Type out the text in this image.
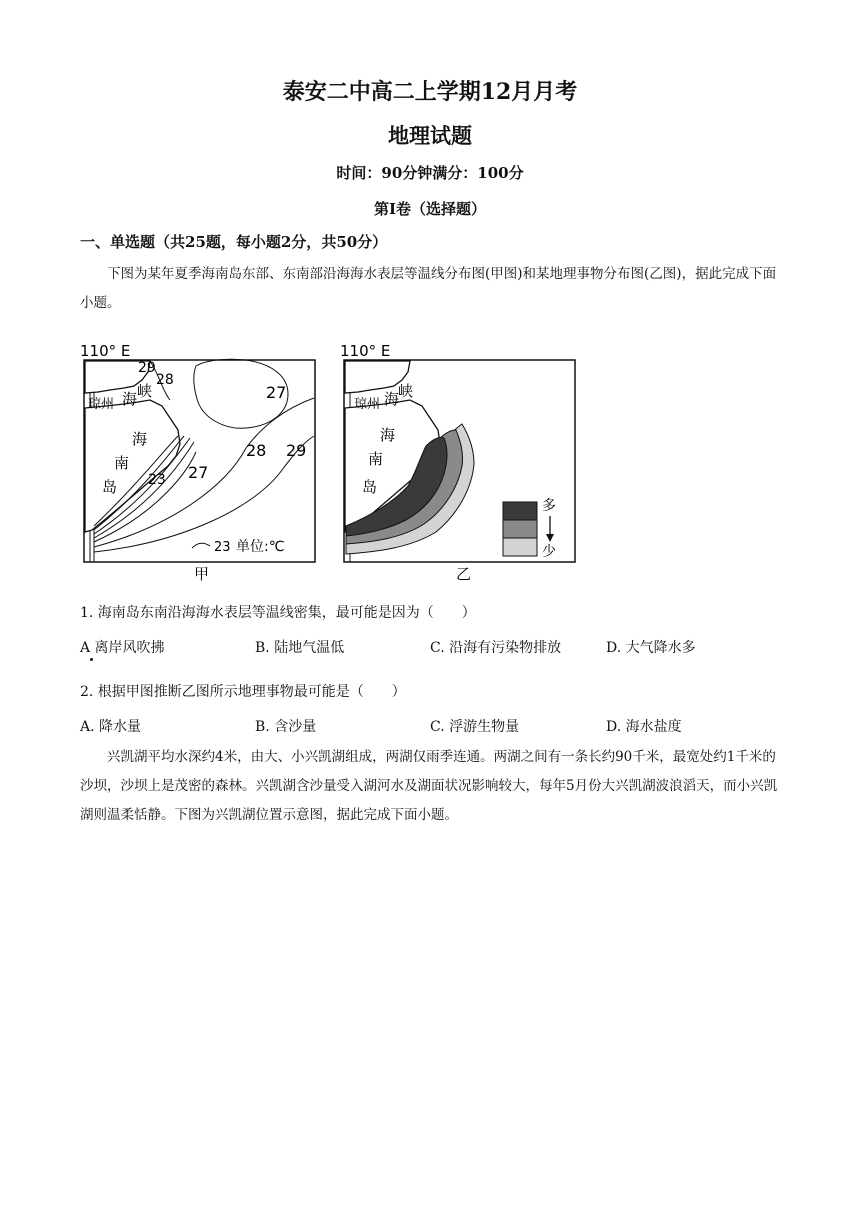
泰安二中高二上学期12月月考
地理试题
时间：90分钟满分：100分
第I卷（选择题）
一、单选题（共25题，每小题2分，共50分）
下图为某年夏季海南岛东部、东南部沿海海水表层等温线分布图(甲图)和某地理事物分布图(乙图)，据此完成下面小题。
110° E
29
28
27
28 29
27
23
峡
海
琼州
海
南
岛
23 单位:℃
甲
110° E
峡
海
琼州
海
南
岛
多
少
乙
1. 海南岛东南沿海海水表层等温线密集，最可能是因为（　　）
A 离岸风吹拂	B. 陆地气温低	C. 沿海有污染物排放	D. 大气降水多
2. 根据甲图推断乙图所示地理事物最可能是（　　）
A. 降水量	B. 含沙量	C. 浮游生物量	D. 海水盐度
兴凯湖平均水深约4米，由大、小兴凯湖组成，两湖仅雨季连通。两湖之间有一条长约90千米，最宽处约1千米的沙坝，沙坝上是茂密的森林。兴凯湖含沙量受入湖河水及湖面状况影响较大，每年5月份大兴凯湖波浪滔天，而小兴凯湖则温柔恬静。下图为兴凯湖位置示意图，据此完成下面小题。
